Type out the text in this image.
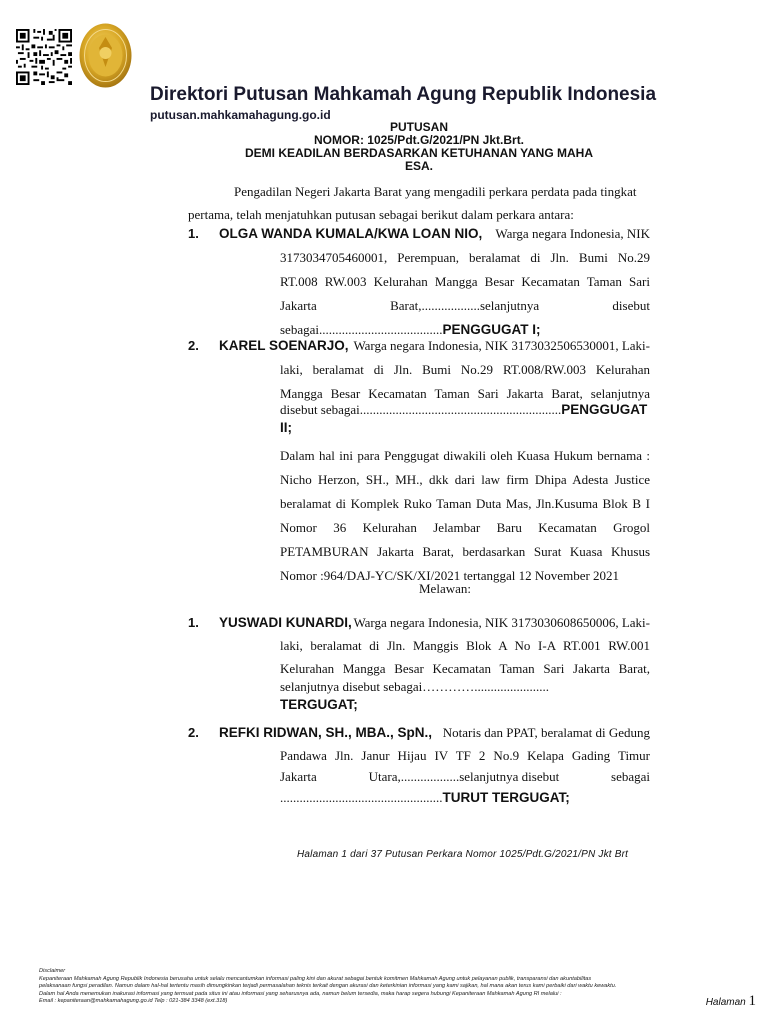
Direktori Putusan Mahkamah Agung Republik Indonesia
putusan.mahkamahagung.go.id
PUTUSAN
NOMOR: 1025/Pdt.G/2021/PN Jkt.Brt.
DEMI KEADILAN BERDASARKAN KETUHANAN YANG MAHA
ESA.
Pengadilan Negeri Jakarta Barat yang mengadili perkara perdata pada tingkat
pertama, telah menjatuhkan putusan sebagai berikut dalam perkara antara:
1. OLGA WANDA KUMALA/KWA LOAN NIO, Warga negara Indonesia, NIK
3173034705460001, Perempuan, beralamat di Jln. Bumi No.29
RT.008 RW.003 Kelurahan Mangga Besar Kecamatan Taman Sari
Jakarta	Barat,..................selanjutnya	disebut
sebagai......................................PENGGUGAT I;
2. KAREL SOENARJO, Warga negara Indonesia, NIK 3173032506530001, Laki-
laki, beralamat di Jln. Bumi No.29 RT.008/RW.003 Kelurahan
Mangga Besar Kecamatan Taman Sari Jakarta Barat, selanjutnya
disebut sebagai..............................................................PENGGUGAT
II;
Dalam hal ini para Penggugat diwakili oleh Kuasa Hukum bernama :
Nicho Herzon, SH., MH., dkk dari law firm Dhipa Adesta Justice
beralamat di Komplek Ruko Taman Duta Mas, Jln.Kusuma Blok B I
Nomor 36 Kelurahan Jelambar Baru Kecamatan Grogol
PETAMBURAN Jakarta Barat, berdasarkan Surat Kuasa Khusus
Nomor :964/DAJ-YC/SK/XI/2021 tertanggal 12 November 2021
Melawan:
1. YUSWADI KUNARDI, Warga negara Indonesia, NIK 3173030608650006, Laki-
laki, beralamat di Jln. Manggis Blok A No I-A RT.001 RW.001
Kelurahan Mangga Besar Kecamatan Taman Sari Jakarta Barat,
selanjutnya disebut sebagai………….......................
TERGUGAT;
2. REFKI RIDWAN, SH., MBA., SpN., Notaris dan PPAT, beralamat di Gedung
Pandawa Jln. Janur Hijau IV TF 2 No.9 Kelapa Gading Timur
Jakarta	Utara,..................selanjutnya disebut	sebagai
..................................................TURUT TERGUGAT;
Halaman 1 dari 37 Putusan Perkara Nomor 1025/Pdt.G/2021/PN Jkt Brt
Disclaimer
Kepaniteraan Mahkamah Agung Republik Indonesia berusaha untuk selalu mencantumkan informasi paling kini dan akurat sebagai bentuk komitmen Mahkamah Agung untuk pelayanan publik, transparansi dan akuntabilitas
pelaksanaan fungsi peradilan. Namun dalam hal-hal tertentu masih dimungkinkan terjadi permasalahan teknis terkait dengan akurasi dan keterkinian informasi yang kami sajikan, hal mana akan terus kami perbaiki dari waktu kewaktu.
Dalam hal Anda menemukan inakurasi informasi yang termuat pada situs ini atau informasi yang seharusnya ada, namun belum tersedia, maka harap segera hubungi Kepaniteraan Mahkamah Agung RI melalui :
Email : kepaniteraan@mahkamahagung.go.id Telp : 021-384 3348 (ext.318)	Halaman 1
